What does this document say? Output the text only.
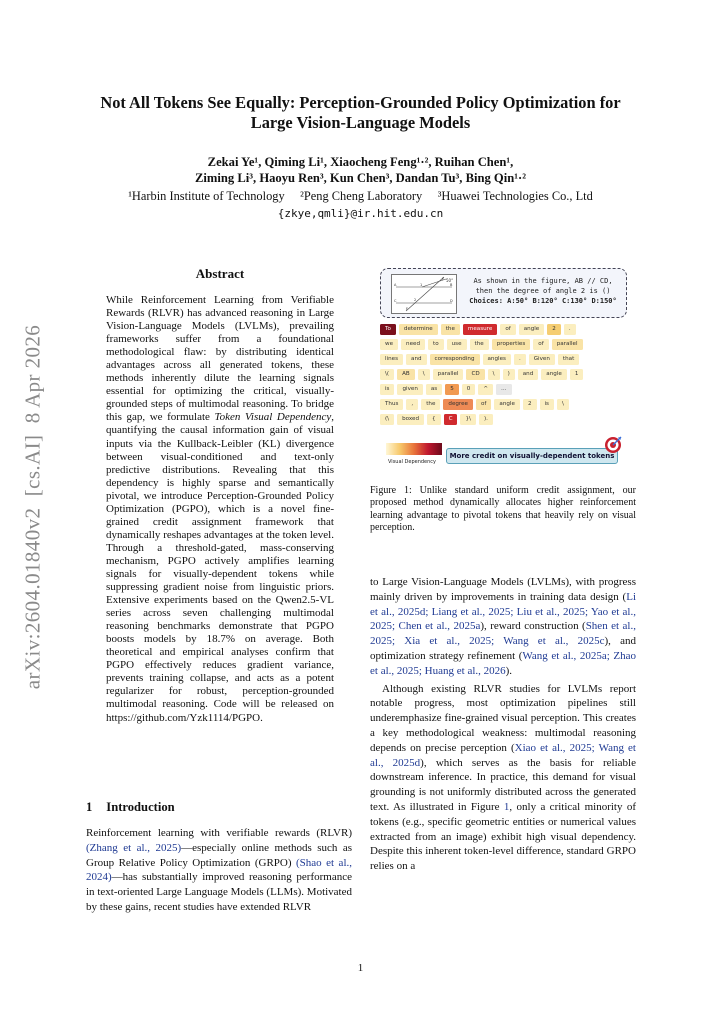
Not All Tokens See Equally: Perception-Grounded Policy Optimization for
Large Vision-Language Models
Zekai Ye¹, Qiming Li¹, Xiaocheng Feng¹·², Ruihan Chen¹,
Ziming Li³, Haoyu Ren³, Kun Chen³, Dandan Tu³, Bing Qin¹·²
¹Harbin Institute of Technology     ²Peng Cheng Laboratory     ³Huawei Technologies Co., Ltd
{zkye,qmli}@ir.hit.edu.cn
arXiv:2604.01840v2  [cs.AI]  8 Apr 2026
Abstract
While Reinforcement Learning from Verifiable Rewards (RLVR) has advanced reasoning in Large Vision-Language Models (LVLMs), prevailing frameworks suffer from a foundational methodological flaw: by distributing identical advantages across all generated tokens, these methods inherently dilute the learning signals essential for optimizing the critical, visually-grounded steps of multimodal reasoning. To bridge this gap, we formulate Token Visual Dependency, quantifying the causal information gain of visual inputs via the Kullback-Leibler (KL) divergence between visual-conditioned and text-only predictive distributions. Revealing that this dependency is highly sparse and semantically pivotal, we introduce Perception-Grounded Policy Optimization (PGPO), which is a novel fine-grained credit assignment framework that dynamically reshapes advantages at the token level. Through a threshold-gated, mass-conserving mechanism, PGPO actively amplifies learning signals for visually-dependent tokens while suppressing gradient noise from linguistic priors. Extensive experiments based on the Qwen2.5-VL series across seven challenging multimodal reasoning benchmarks demonstrate that PGPO boosts models by 18.7% on average. Both theoretical and empirical analyses confirm that PGPO effectively reduces gradient variance, prevents training collapse, and acts as a potent regularizer for robust, perception-grounded multimodal reasoning. Code will be released on https://github.com/Yzk1114/PGPO.
1 Introduction
Reinforcement learning with verifiable rewards (RLVR) (Zhang et al., 2025)—especially online methods such as Group Relative Policy Optimization (GRPO) (Shao et al., 2024)—has substantially improved reasoning performance in text-oriented Large Language Models (LLMs). Motivated by these gains, recent studies have extended RLVR
50°
A	B
C	D
E
F
1
2
As shown in the figure, AB // CD,
then the degree of angle 2 is ()
Choices: A:50° B:120° C:130° D:150°
To	determine	the	measure	of	angle	2	.
we	need	to	use	the	properties	of	parallel
lines	and	corresponding	angles	.	Given	that
\(	AB	\	parallel	CD	\	)	and	angle	1
is	given	as	5	0	^	…
Thus	,	the	degree	of	angle	2	is	\
(\	boxed	{	C	}\	).
Visual Dependency
More credit on visually-dependent tokens
Figure 1: Unlike standard uniform credit assignment, our proposed method dynamically allocates higher reinforcement learning advantage to pivotal tokens that heavily rely on visual perception.

to Large Vision-Language Models (LVLMs), with progress mainly driven by improvements in training data design (Li et al., 2025d; Liang et al., 2025; Liu et al., 2025; Yao et al., 2025; Chen et al., 2025a), reward construction (Shen et al., 2025; Xia et al., 2025; Wang et al., 2025c), and optimization strategy refinement (Wang et al., 2025a; Zhao et al., 2025; Huang et al., 2026).

Although existing RLVR studies for LVLMs report notable progress, most optimization pipelines still underemphasize fine-grained visual perception. This creates a key methodological weakness: multimodal reasoning depends on precise perception (Xiao et al., 2025; Wang et al., 2025d), which serves as the basis for reliable downstream inference. In practice, this demand for visual grounding is not uniformly distributed across the generated text. As illustrated in Figure 1, only a critical minority of tokens (e.g., specific geometric entities or numerical values extracted from an image) exhibit high visual dependency. Despite this inherent token-level difference, standard GRPO relies on a

1
